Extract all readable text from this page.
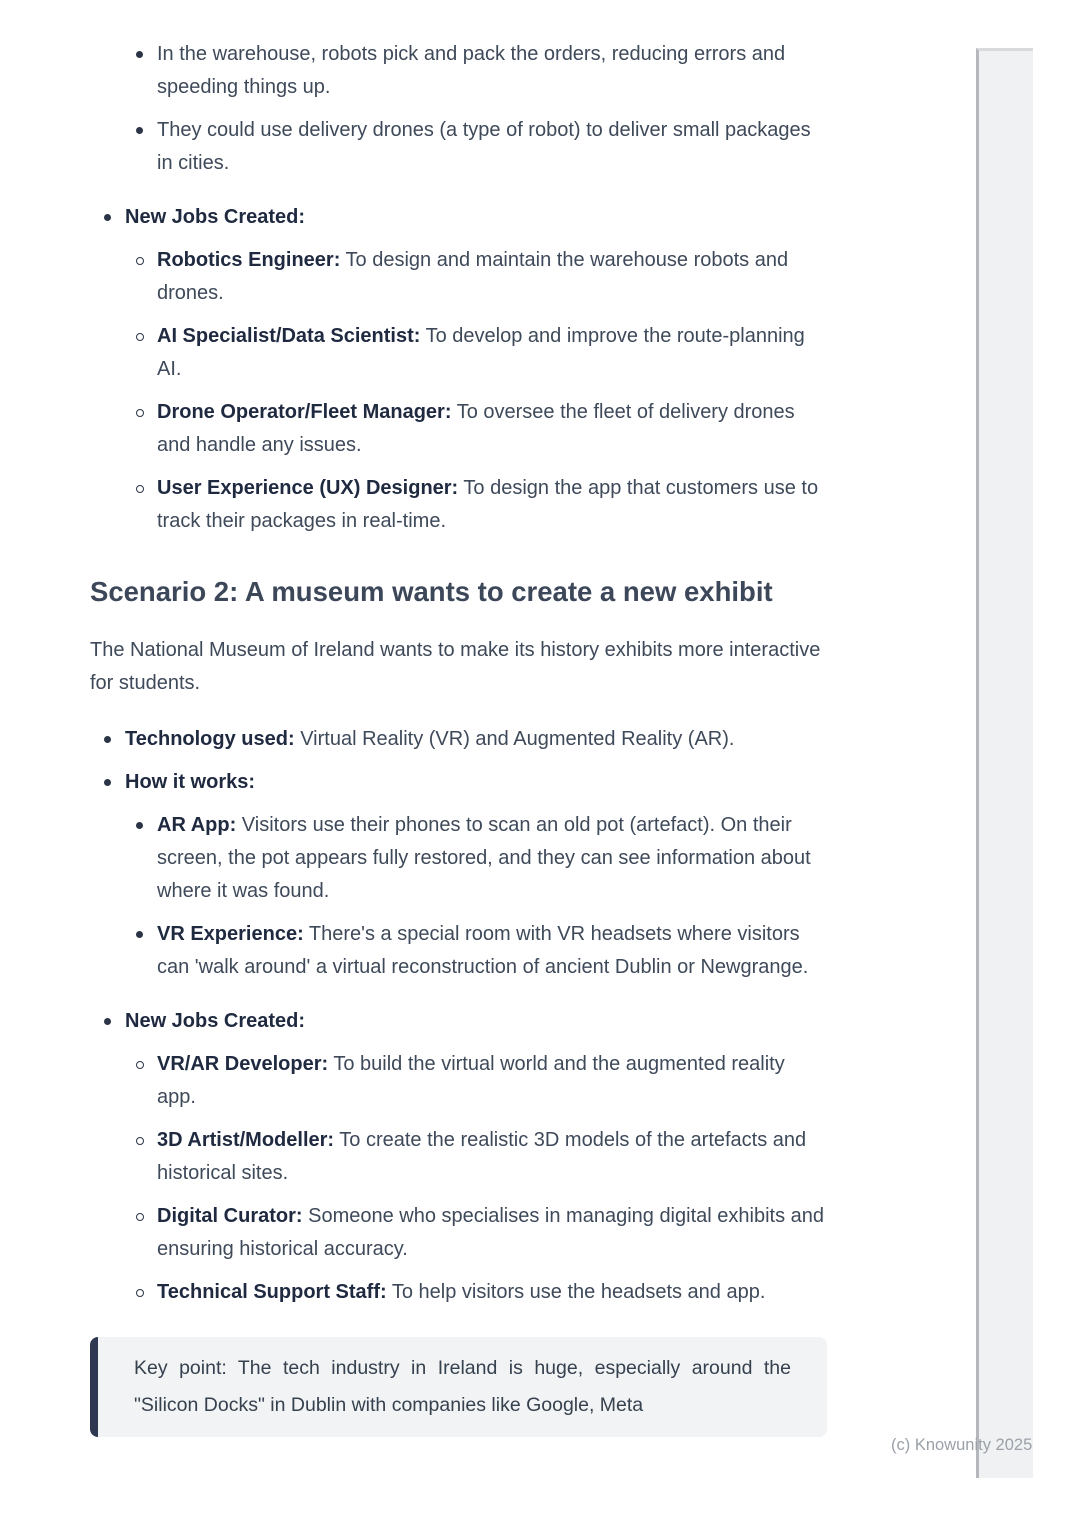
In the warehouse, robots pick and pack the orders, reducing errors and speeding things up.
They could use delivery drones (a type of robot) to deliver small packages in cities.
New Jobs Created:
Robotics Engineer: To design and maintain the warehouse robots and drones.
AI Specialist/Data Scientist: To develop and improve the route-planning AI.
Drone Operator/Fleet Manager: To oversee the fleet of delivery drones and handle any issues.
User Experience (UX) Designer: To design the app that customers use to track their packages in real-time.
Scenario 2: A museum wants to create a new exhibit

The National Museum of Ireland wants to make its history exhibits more interactive for students.

Technology used: Virtual Reality (VR) and Augmented Reality (AR).
How it works:
AR App: Visitors use their phones to scan an old pot (artefact). On their screen, the pot appears fully restored, and they can see information about where it was found.
VR Experience: There's a special room with VR headsets where visitors can 'walk around' a virtual reconstruction of ancient Dublin or Newgrange.
New Jobs Created:
VR/AR Developer: To build the virtual world and the augmented reality app.
3D Artist/Modeller: To create the realistic 3D models of the artefacts and historical sites.
Digital Curator: Someone who specialises in managing digital exhibits and ensuring historical accuracy.
Technical Support Staff: To help visitors use the headsets and app.
Key point: The tech industry in Ireland is huge, especially around the "Silicon Docks" in Dublin with companies like Google, Meta
(c) Knowunity 2025
